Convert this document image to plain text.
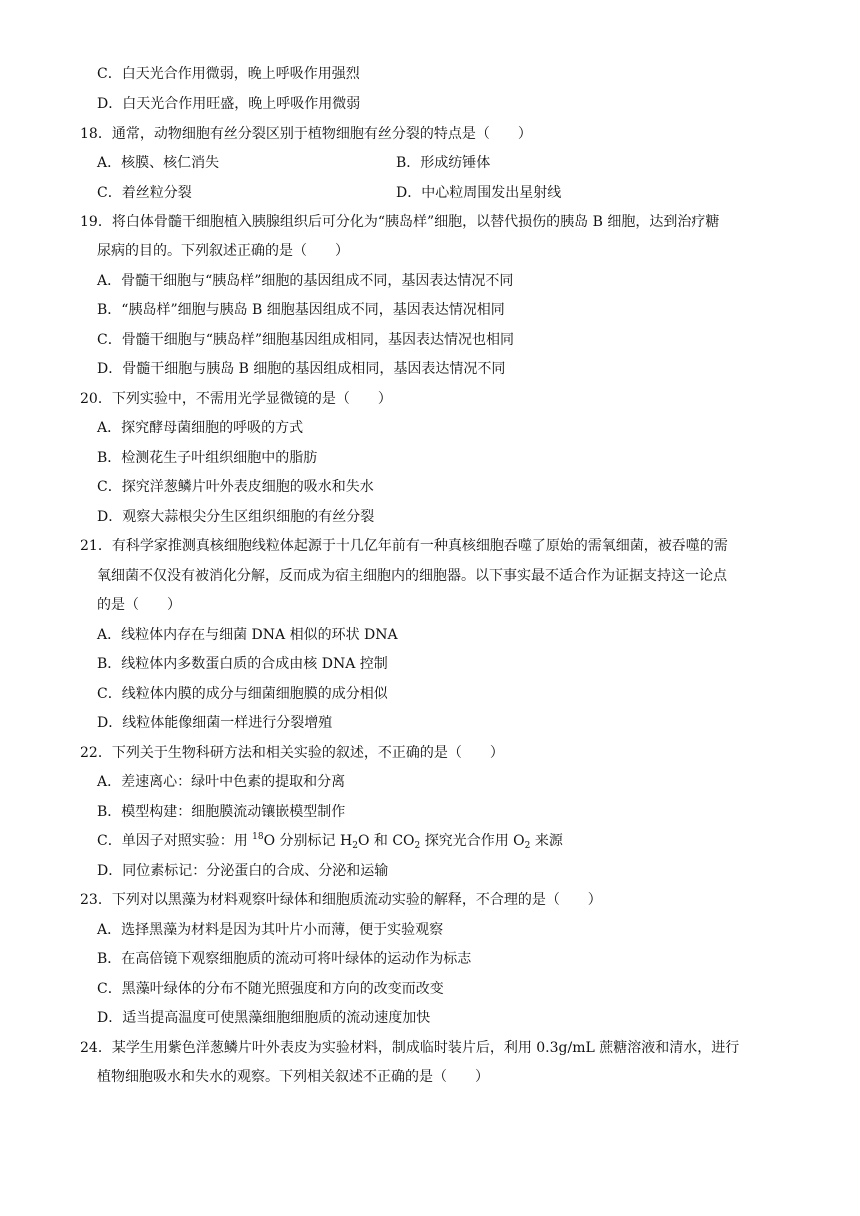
C．白天光合作用微弱，晚上呼吸作用强烈
D．白天光合作用旺盛，晚上呼吸作用微弱
18．通常，动物细胞有丝分裂区别于植物细胞有丝分裂的特点是（　　）
A．核膜、核仁消失	B．形成纺锤体
C．着丝粒分裂	D．中心粒周围发出星射线
19．将白体骨髓干细胞植入胰腺组织后可分化为“胰岛样”细胞，以替代损伤的胰岛 B 细胞，达到治疗糖
尿病的目的。下列叙述正确的是（　　）
A．骨髓干细胞与“胰岛样”细胞的基因组成不同，基因表达情况不同
B．“胰岛样”细胞与胰岛 B 细胞基因组成不同，基因表达情况相同
C．骨髓干细胞与“胰岛样”细胞基因组成相同，基因表达情况也相同
D．骨髓干细胞与胰岛 B 细胞的基因组成相同，基因表达情况不同
20．下列实验中，不需用光学显微镜的是（　　）
A．探究酵母菌细胞的呼吸的方式
B．检测花生子叶组织细胞中的脂肪
C．探究洋葱鳞片叶外表皮细胞的吸水和失水
D．观察大蒜根尖分生区组织细胞的有丝分裂
21．有科学家推测真核细胞线粒体起源于十几亿年前有一种真核细胞吞噬了原始的需氧细菌，被吞噬的需
氧细菌不仅没有被消化分解，反而成为宿主细胞内的细胞器。以下事实最不适合作为证据支持这一论点
的是（　　）
A．线粒体内存在与细菌 DNA 相似的环状 DNA
B．线粒体内多数蛋白质的合成由核 DNA 控制
C．线粒体内膜的成分与细菌细胞膜的成分相似
D．线粒体能像细菌一样进行分裂增殖
22．下列关于生物科研方法和相关实验的叙述，不正确的是（　　）
A．差速离心：绿叶中色素的提取和分离
B．模型构建：细胞膜流动镶嵌模型制作
C．单因子对照实验：用 $^{18}$O 分别标记 $H_2O$ 和 $CO_2$ 探究光合作用 $O_2$ 来源
D．同位素标记：分泌蛋白的合成、分泌和运输
23．下列对以黑藻为材料观察叶绿体和细胞质流动实验的解释，不合理的是（　　）
A．选择黑藻为材料是因为其叶片小而薄，便于实验观察
B．在高倍镜下观察细胞质的流动可将叶绿体的运动作为标志
C．黑藻叶绿体的分布不随光照强度和方向的改变而改变
D．适当提高温度可使黑藻细胞细胞质的流动速度加快
24．某学生用紫色洋葱鳞片叶外表皮为实验材料，制成临时装片后，利用 0.3g/mL 蔗糖溶液和清水，进行
植物细胞吸水和失水的观察。下列相关叙述不正确的是（　　）
